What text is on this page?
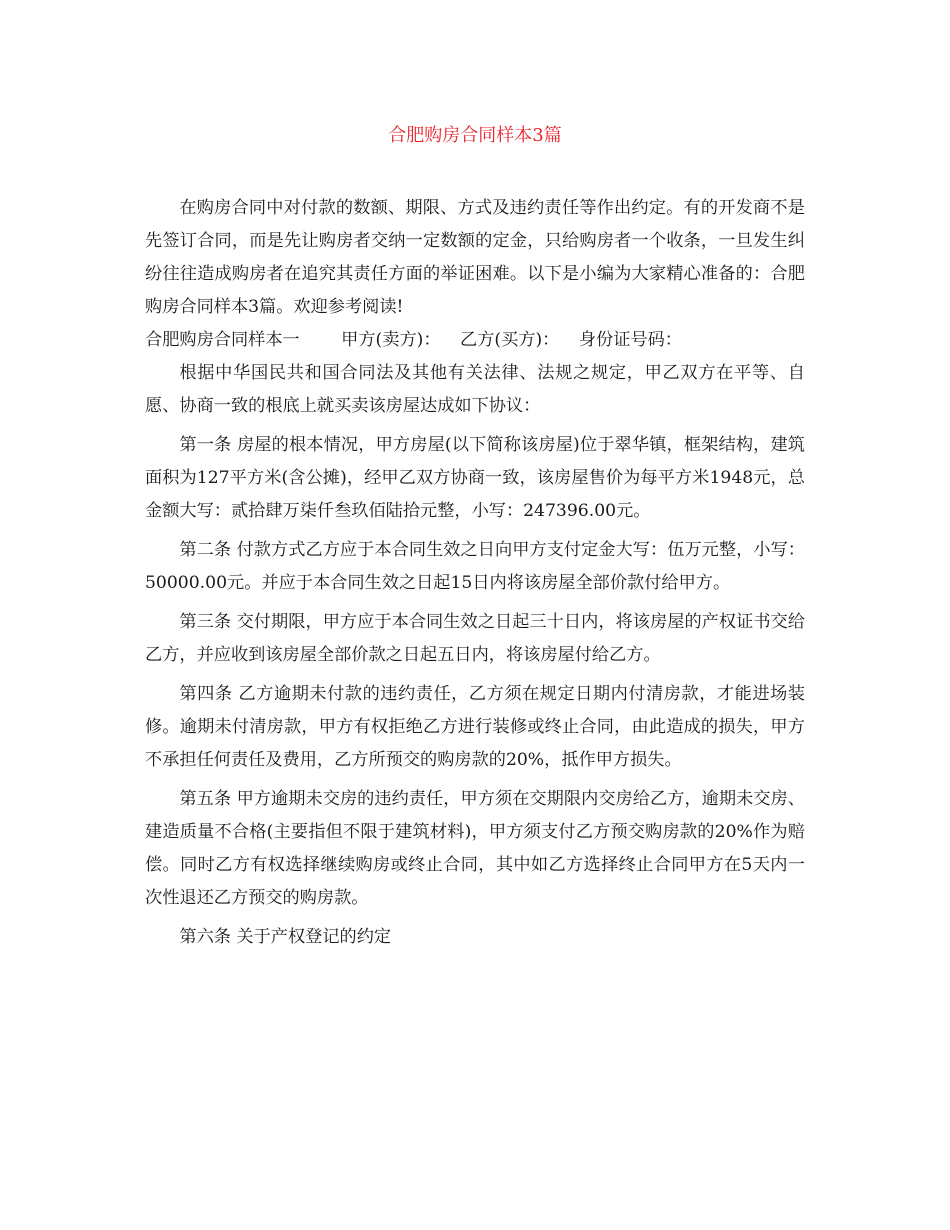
合肥购房合同样本3篇

在购房合同中对付款的数额、期限、方式及违约责任等作出约定。有的开发商不是先签订合同，而是先让购房者交纳一定数额的定金，只给购房者一个收条，一旦发生纠纷往往造成购房者在追究其责任方面的举证困难。以下是小编为大家精心准备的：合肥购房合同样本3篇。欢迎参考阅读!

合肥购房合同样本一 甲方(卖方)： 乙方(买方)： 身份证号码：

根据中华国民共和国合同法及其他有关法律、法规之规定，甲乙双方在平等、自愿、协商一致的根底上就买卖该房屋达成如下协议：

第一条 房屋的根本情况，甲方房屋(以下简称该房屋)位于翠华镇，框架结构，建筑面积为127平方米(含公摊)，经甲乙双方协商一致，该房屋售价为每平方米1948元，总金额大写：贰拾肆万柒仟叁玖佰陆拾元整，小写：247396.00元。

第二条 付款方式乙方应于本合同生效之日向甲方支付定金大写：伍万元整，小写：50000.00元。并应于本合同生效之日起15日内将该房屋全部价款付给甲方。

第三条 交付期限，甲方应于本合同生效之日起三十日内，将该房屋的产权证书交给乙方，并应收到该房屋全部价款之日起五日内，将该房屋付给乙方。

第四条 乙方逾期未付款的违约责任，乙方须在规定日期内付清房款，才能进场装修。逾期未付清房款，甲方有权拒绝乙方进行装修或终止合同，由此造成的损失，甲方不承担任何责任及费用，乙方所预交的购房款的20%，抵作甲方损失。

第五条 甲方逾期未交房的违约责任，甲方须在交期限内交房给乙方，逾期未交房、建造质量不合格(主要指但不限于建筑材料)，甲方须支付乙方预交购房款的20%作为赔偿。同时乙方有权选择继续购房或终止合同，其中如乙方选择终止合同甲方在5天内一次性退还乙方预交的购房款。

第六条 关于产权登记的约定
